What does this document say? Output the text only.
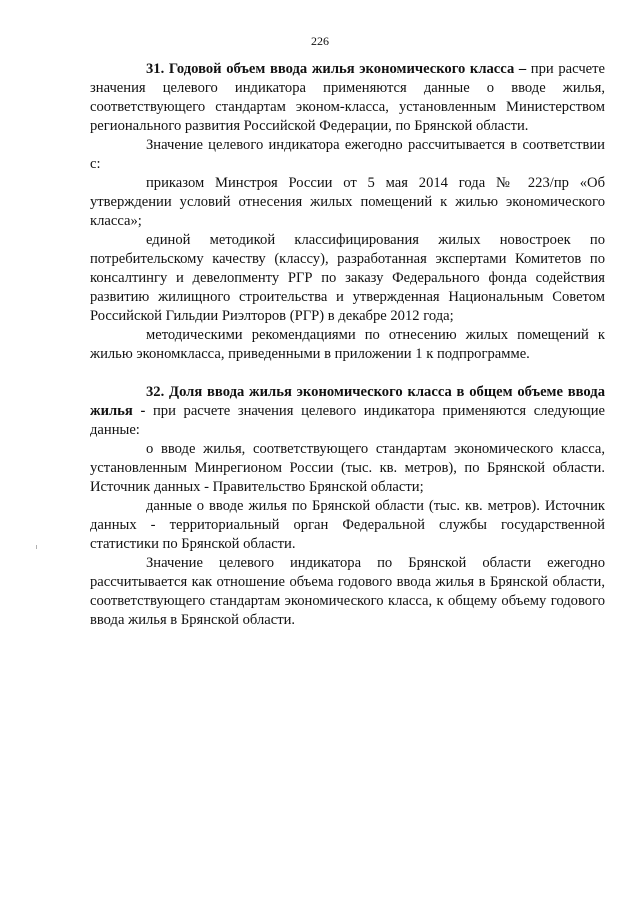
226

31. Годовой объем ввода жилья экономического класса – при расчете значения целевого индикатора применяются данные о вводе жилья, соответствующего стандартам эконом-класса, установленным Министерством регионального развития Российской Федерации, по Брянской области.

Значение целевого индикатора ежегодно рассчитывается в соответствии с:

приказом Минстроя России от 5 мая 2014 года № 223/пр «Об утверждении условий отнесения жилых помещений к жилью экономического класса»;

единой методикой классифицирования жилых новостроек по потребительскому качеству (классу), разработанная экспертами Комитетов по консалтингу и девелопменту РГР по заказу Федерального фонда содействия развитию жилищного строительства и утвержденная Национальным Советом Российской Гильдии Риэлторов (РГР) в декабре 2012 года;

методическими рекомендациями по отнесению жилых помещений к жилью экономкласса, приведенными в приложении 1 к подпрограмме.

32. Доля ввода жилья экономического класса в общем объеме ввода жилья - при расчете значения целевого индикатора применяются следующие данные:

о вводе жилья, соответствующего стандартам экономического класса, установленным Минрегионом России (тыс. кв. метров), по Брянской области. Источник данных - Правительство Брянской области;

данные о вводе жилья по Брянской области (тыс. кв. метров). Источник данных - территориальный орган Федеральной службы государственной статистики по Брянской области.

Значение целевого индикатора по Брянской области ежегодно рассчитывается как отношение объема годового ввода жилья в Брянской области, соответствующего стандартам экономического класса, к общему объему годового ввода жилья в Брянской области.
